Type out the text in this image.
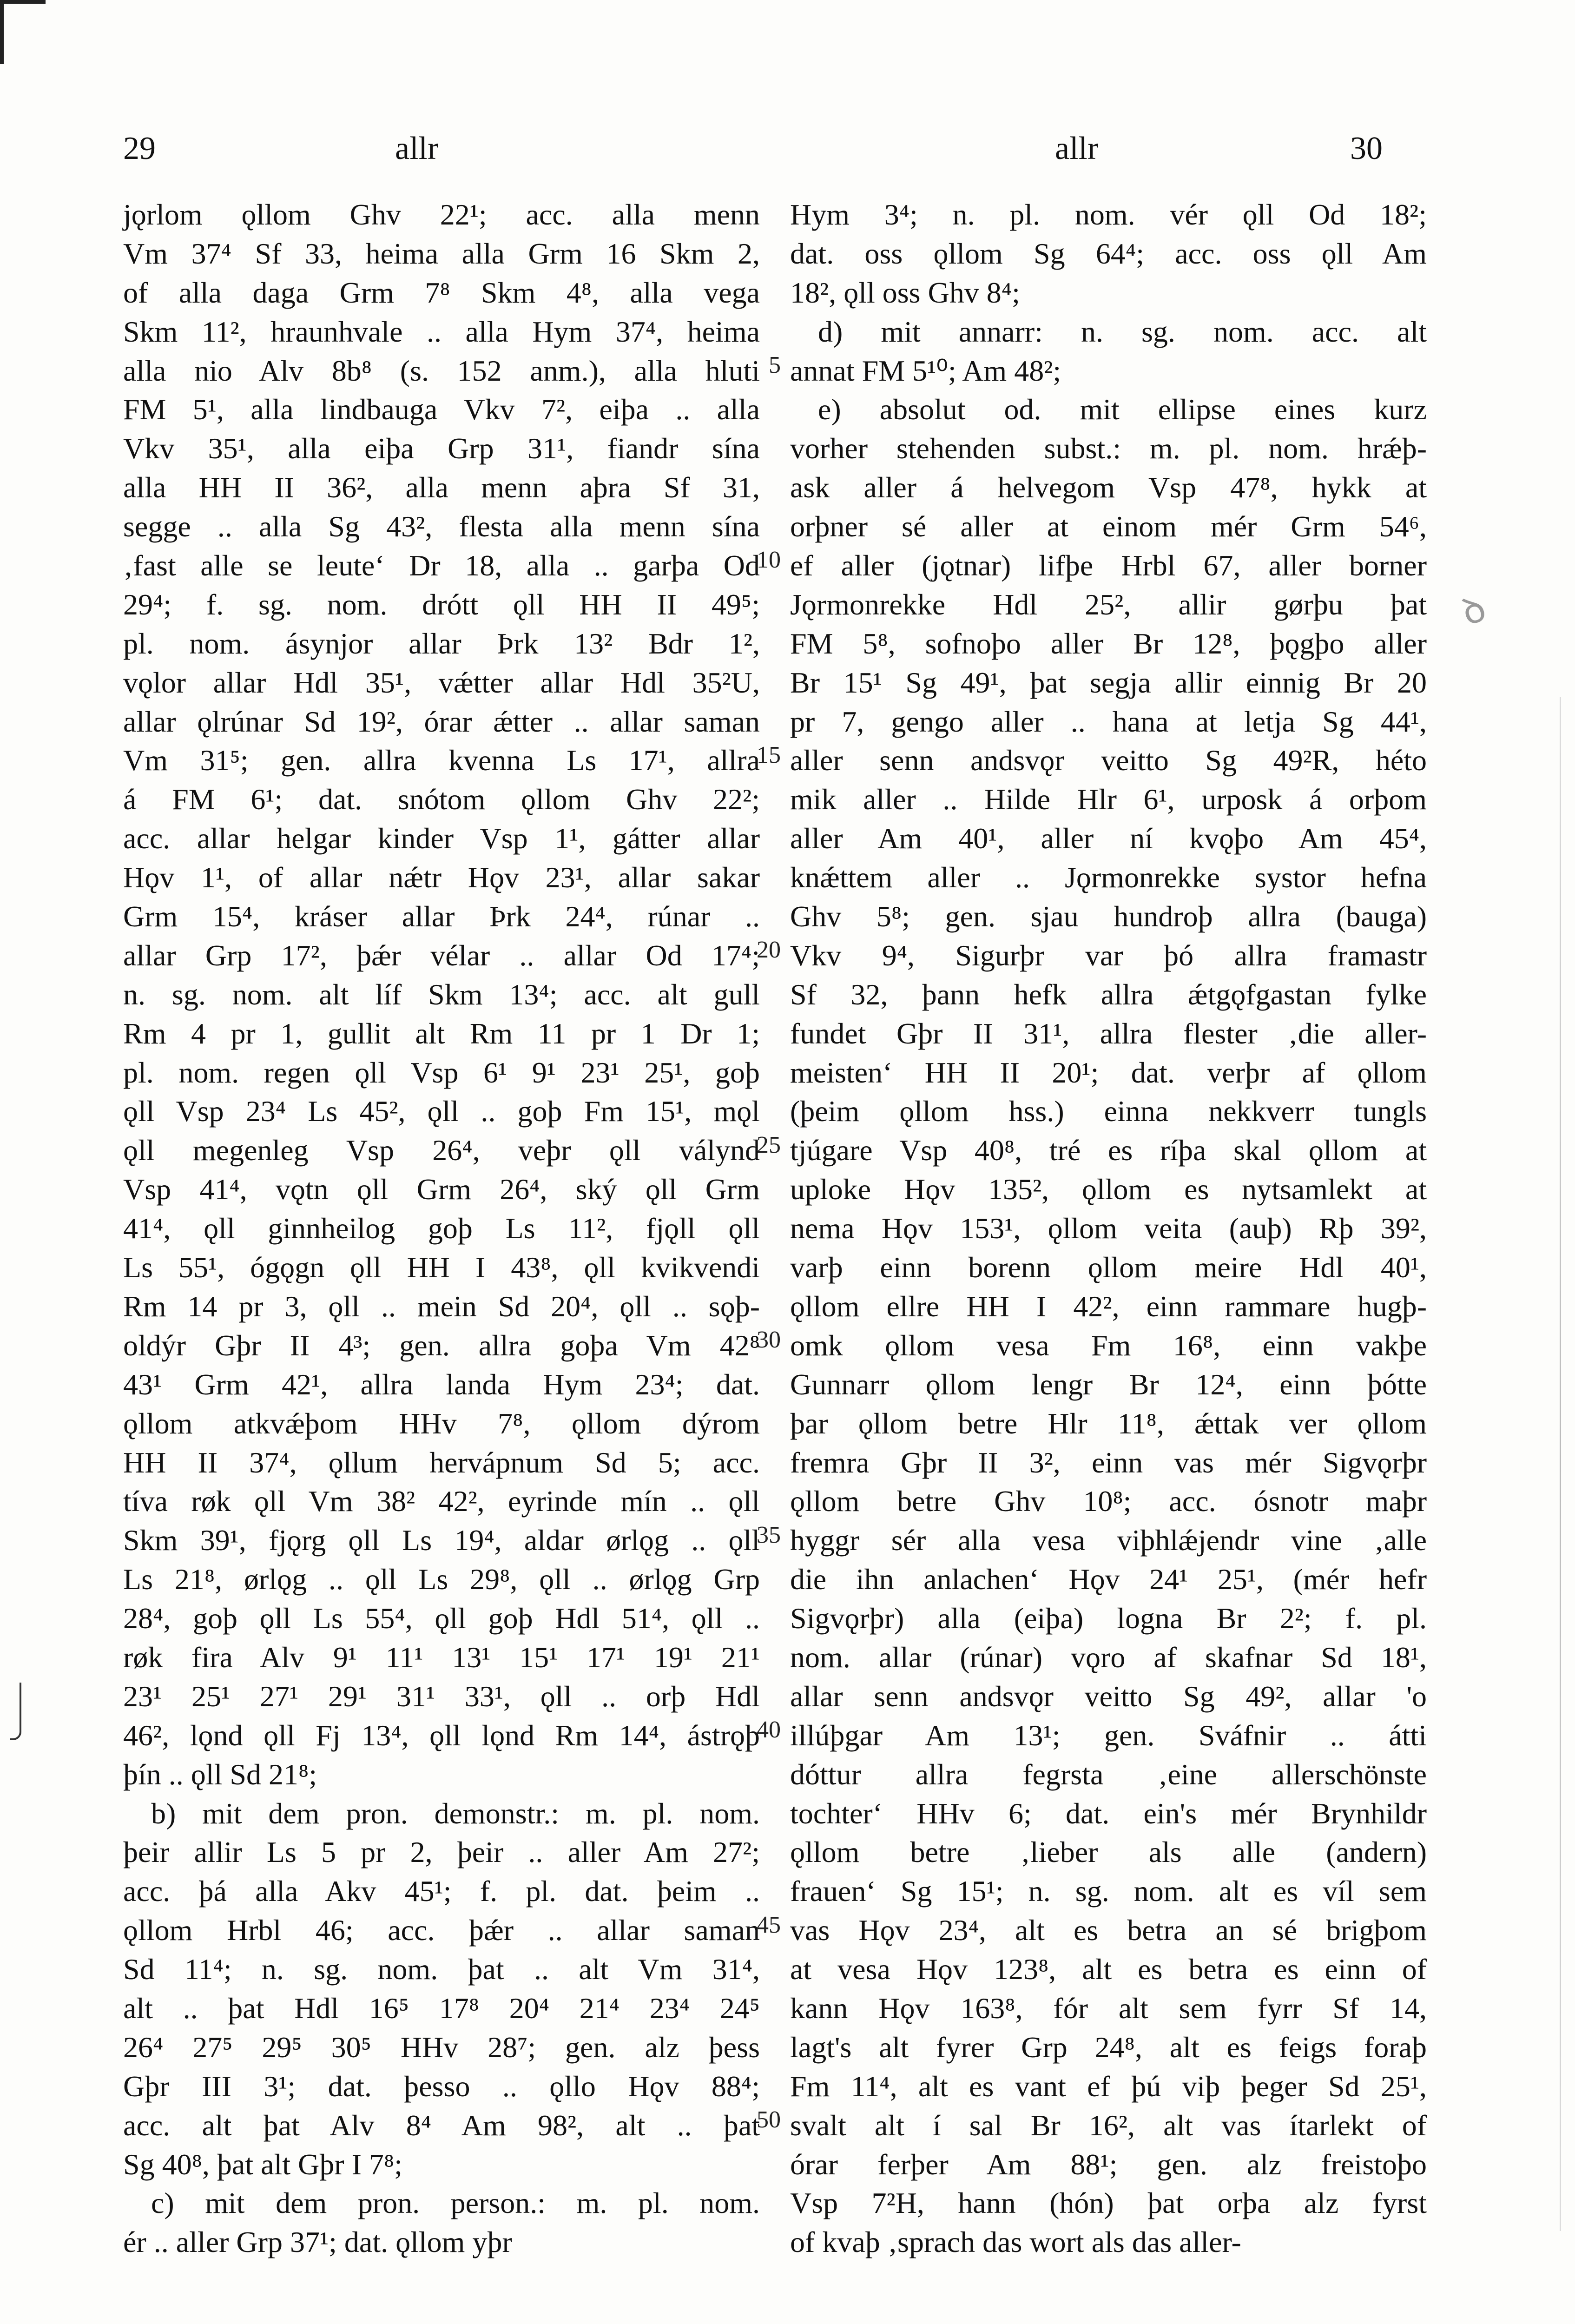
ꝺ
29	allr	allr	30
jǫrlom ǫllom Ghv 22¹; acc. alla menn
Vm 37⁴ Sf 33, heima alla Grm 16 Skm 2,
of alla daga Grm 7⁸ Skm 4⁸, alla vega
Skm 11², hraunhvale .. alla Hym 37⁴, heima
alla nio Alv 8b⁸ (s. 152 anm.), alla hluti
FM 5¹, alla lindbauga Vkv 7², eiþa .. alla
Vkv 35¹, alla eiþa Grp 31¹, fiandr sína
alla HH II 36², alla menn aþra Sf 31,
segge .. alla Sg 43², flesta alla menn sína
‚fast alle se leute‘ Dr 18, alla .. garþa Od
29⁴; f. sg. nom. drótt ǫll HH II 49⁵;
pl. nom. ásynjor allar Þrk 13² Bdr 1²,
vǫlor allar Hdl 35¹, vǽtter allar Hdl 35²U,
allar ǫlrúnar Sd 19², órar ǽtter .. allar saman
Vm 31⁵; gen. allra kvenna Ls 17¹, allra
á FM 6¹; dat. snótom ǫllom Ghv 22²;
acc. allar helgar kinder Vsp 1¹, gátter allar
Hǫv 1¹, of allar nǽtr Hǫv 23¹, allar sakar
Grm 15⁴, kráser allar Þrk 24⁴, rúnar ..
allar Grp 17², þǽr vélar .. allar Od 17⁴;
n. sg. nom. alt líf Skm 13⁴; acc. alt gull
Rm 4 pr 1, gullit alt Rm 11 pr 1 Dr 1;
pl. nom. regen ǫll Vsp 6¹ 9¹ 23¹ 25¹, goþ
ǫll Vsp 23⁴ Ls 45², ǫll .. goþ Fm 15¹, mǫl
ǫll megenleg Vsp 26⁴, veþr ǫll válynd
Vsp 41⁴, vǫtn ǫll Grm 26⁴, ský ǫll Grm
41⁴, ǫll ginnheilog goþ Ls 11², fjǫll ǫll
Ls 55¹, ógǫgn ǫll HH I 43⁸, ǫll kvikvendi
Rm 14 pr 3, ǫll .. mein Sd 20⁴, ǫll .. sǫþ-
oldýr Gþr II 4³; gen. allra goþa Vm 42⁸
43¹ Grm 42¹, allra landa Hym 23⁴; dat.
ǫllom atkvǽþom HHv 7⁸, ǫllom dýrom
HH II 37⁴, ǫllum hervápnum Sd 5; acc.
tíva røk ǫll Vm 38² 42², eyrinde mín .. ǫll
Skm 39¹, fjǫrg ǫll Ls 19⁴, aldar ørlǫg .. ǫll
Ls 21⁸, ørlǫg .. ǫll Ls 29⁸, ǫll .. ørlǫg Grp
28⁴, goþ ǫll Ls 55⁴, ǫll goþ Hdl 51⁴, ǫll ..
røk fira Alv 9¹ 11¹ 13¹ 15¹ 17¹ 19¹ 21¹
23¹ 25¹ 27¹ 29¹ 31¹ 33¹, ǫll .. orþ Hdl
46², lǫnd ǫll Fj 13⁴, ǫll lǫnd Rm 14⁴, ástrǫþ
þín .. ǫll Sd 21⁸;
b) mit dem pron. demonstr.: m. pl. nom.
þeir allir Ls 5 pr 2, þeir .. aller Am 27²;
acc. þá alla Akv 45¹; f. pl. dat. þeim ..
ǫllom Hrbl 46; acc. þǽr .. allar saman
Sd 11⁴; n. sg. nom. þat .. alt Vm 31⁴,
alt .. þat Hdl 16⁵ 17⁸ 20⁴ 21⁴ 23⁴ 24⁵
26⁴ 27⁵ 29⁵ 30⁵ HHv 28⁷; gen. alz þess
Gþr III 3¹; dat. þesso .. ǫllo Hǫv 88⁴;
acc. alt þat Alv 8⁴ Am 98², alt .. þat
Sg 40⁸, þat alt Gþr I 7⁸;
c) mit dem pron. person.: m. pl. nom.
ér .. aller Grp 37¹; dat. ǫllom yþr
5
10
15
20
25
30
35
40
45
50
Hym 3⁴; n. pl. nom. vér ǫll Od 18²;
dat. oss ǫllom Sg 64⁴; acc. oss ǫll Am
18², ǫll oss Ghv 8⁴;
d) mit annarr: n. sg. nom. acc. alt
annat FM 5¹⁰; Am 48²;
e) absolut od. mit ellipse eines kurz
vorher stehenden subst.: m. pl. nom. hrǽþ-
ask aller á helvegom Vsp 47⁸, hykk at
orþner sé aller at einom mér Grm 54⁶,
ef aller (jǫtnar) lifþe Hrbl 67, aller borner
Jǫrmonrekke Hdl 25², allir gørþu þat
FM 5⁸, sofnoþo aller Br 12⁸, þǫgþo aller
Br 15¹ Sg 49¹, þat segja allir einnig Br 20
pr 7, gengo aller .. hana at letja Sg 44¹,
aller senn andsvǫr veitto Sg 49²R, héto
mik aller .. Hilde Hlr 6¹, urposk á orþom
aller Am 40¹, aller ní kvǫþo Am 45⁴,
knǽttem aller .. Jǫrmonrekke systor hefna
Ghv 5⁸; gen. sjau hundroþ allra (bauga)
Vkv 9⁴, Sigurþr var þó allra framastr
Sf 32, þann hefk allra ǽtgǫfgastan fylke
fundet Gþr II 31¹, allra flester ‚die aller-
meisten‘ HH II 20¹; dat. verþr af ǫllom
(þeim ǫllom hss.) einna nekkverr tungls
tjúgare Vsp 40⁸, tré es ríþa skal ǫllom at
uploke Hǫv 135², ǫllom es nytsamlekt at
nema Hǫv 153¹, ǫllom veita (auþ) Rþ 39²,
varþ einn borenn ǫllom meire Hdl 40¹,
ǫllom ellre HH I 42², einn rammare hugþ-
omk ǫllom vesa Fm 16⁸, einn vakþe
Gunnarr ǫllom lengr Br 12⁴, einn þótte
þar ǫllom betre Hlr 11⁸, ǽttak ver ǫllom
fremra Gþr II 3², einn vas mér Sigvǫrþr
ǫllom betre Ghv 10⁸; acc. ósnotr maþr
hyggr sér alla vesa viþhlǽjendr vine ‚alle
die ihn anlachen‘ Hǫv 24¹ 25¹, (mér hefr
Sigvǫrþr) alla (eiþa) logna Br 2²; f. pl.
nom. allar (rúnar) vǫro af skafnar Sd 18¹,
allar senn andsvǫr veitto Sg 49², allar 'o
illúþgar Am 13¹; gen. Sváfnir .. átti
dóttur allra fegrsta ‚eine allerschönste
tochter‘ HHv 6; dat. ein's mér Brynhildr
ǫllom betre ‚lieber als alle (andern)
frauen‘ Sg 15¹; n. sg. nom. alt es víl sem
vas Hǫv 23⁴, alt es betra an sé brigþom
at vesa Hǫv 123⁸, alt es betra es einn of
kann Hǫv 163⁸, fór alt sem fyrr Sf 14,
lagt's alt fyrer Grp 24⁸, alt es feigs foraþ
Fm 11⁴, alt es vant ef þú viþ þeger Sd 25¹,
svalt alt í sal Br 16², alt vas ítarlekt of
órar ferþer Am 88¹; gen. alz freistoþo
Vsp 7²H, hann (hón) þat orþa alz fyrst
of kvaþ ‚sprach das wort als das aller-
